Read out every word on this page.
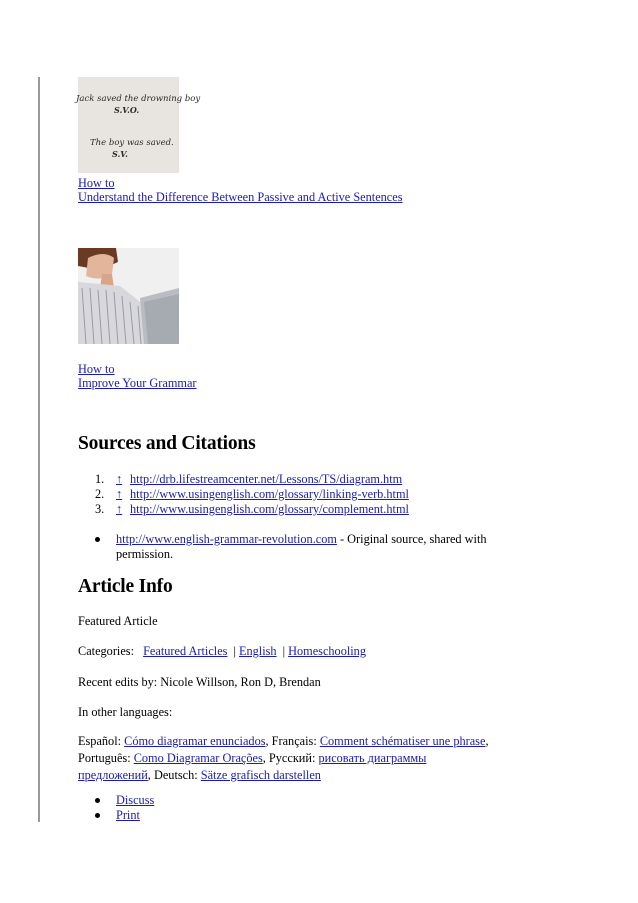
Jack saved the drowning boy
S.V.O.
The boy was saved.
S.V.
How to
Understand the Difference Between Passive and Active Sentences
How to
Improve Your Grammar
Sources and Citations
1. ↑ http://drb.lifestreamcenter.net/Lessons/TS/diagram.htm
2. ↑ http://www.usingenglish.com/glossary/linking-verb.html
3. ↑ http://www.usingenglish.com/glossary/complement.html
http://www.english-grammar-revolution.com - Original source, shared with permission.
Article Info
Featured Article
Categories: Featured Articles | English | Homeschooling
Recent edits by: Nicole Willson, Ron D, Brendan
In other languages:
Español: Cómo diagramar enunciados, Français: Comment schématiser une phrase, Português: Como Diagramar Orações, Русский: рисовать диаграммы предложений, Deutsch: Sätze grafisch darstellen
Discuss
Print
